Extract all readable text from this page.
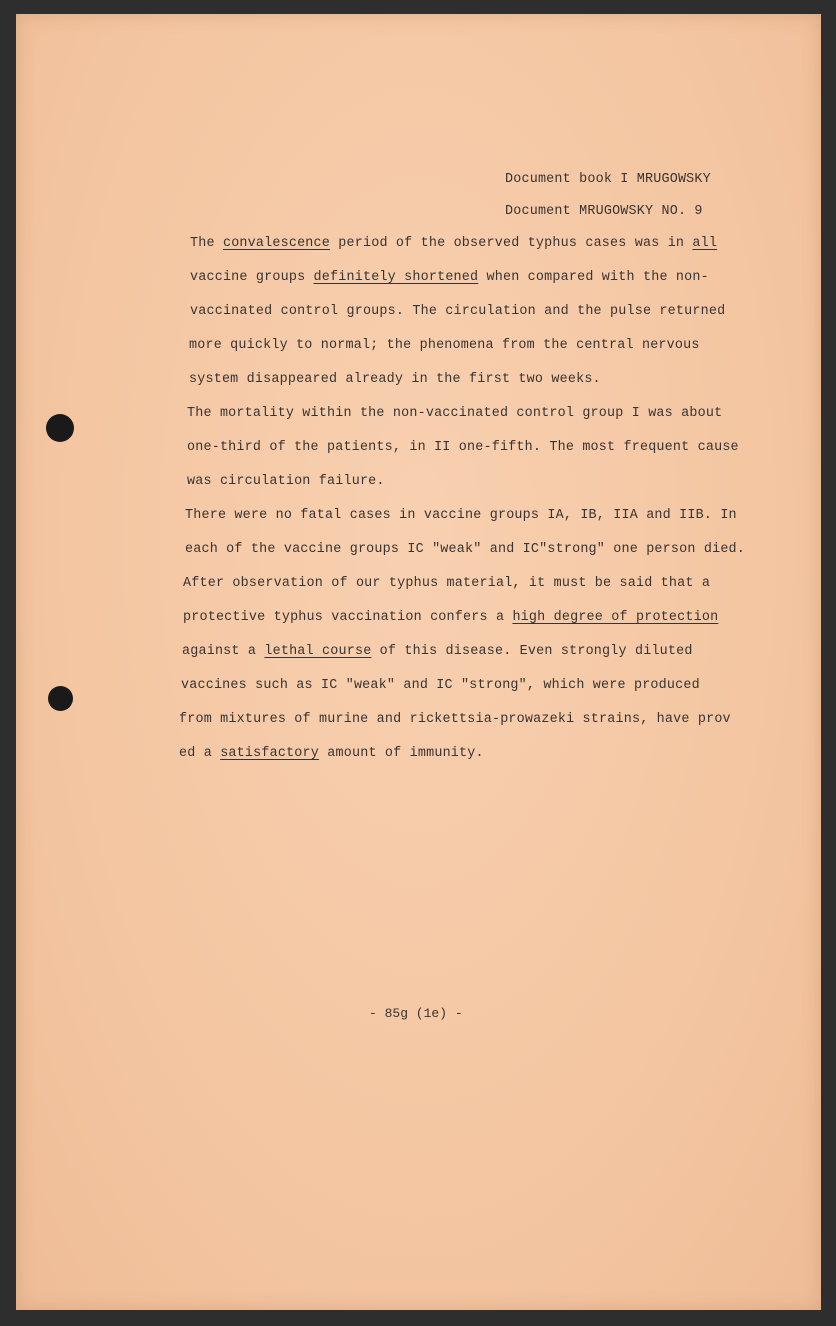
Document book I MRUGOWSKY
Document MRUGOWSKY NO. 9
The convalescence period of the observed typhus cases was in all
vaccine groups definitely shortened when compared with the non-
vaccinated control groups. The circulation and the pulse returned
more quickly to normal; the phenomena from the central nervous
system disappeared already in the first two weeks.
The mortality within the non-vaccinated control group I was about
one-third of the patients, in II one-fifth. The most frequent cause
was circulation failure.
There were no fatal cases in vaccine groups IA, IB, IIA and IIB. In
each of the vaccine groups IC "weak" and IC"strong" one person died.
After observation of our typhus material, it must be said that a
protective typhus vaccination confers a high degree of protection
against a lethal course of this disease. Even strongly diluted
vaccines such as IC "weak" and IC "strong", which were produced
from mixtures of murine and rickettsia-prowazeki strains, have prov
ed a satisfactory amount of immunity.
- 85g (1e) -
